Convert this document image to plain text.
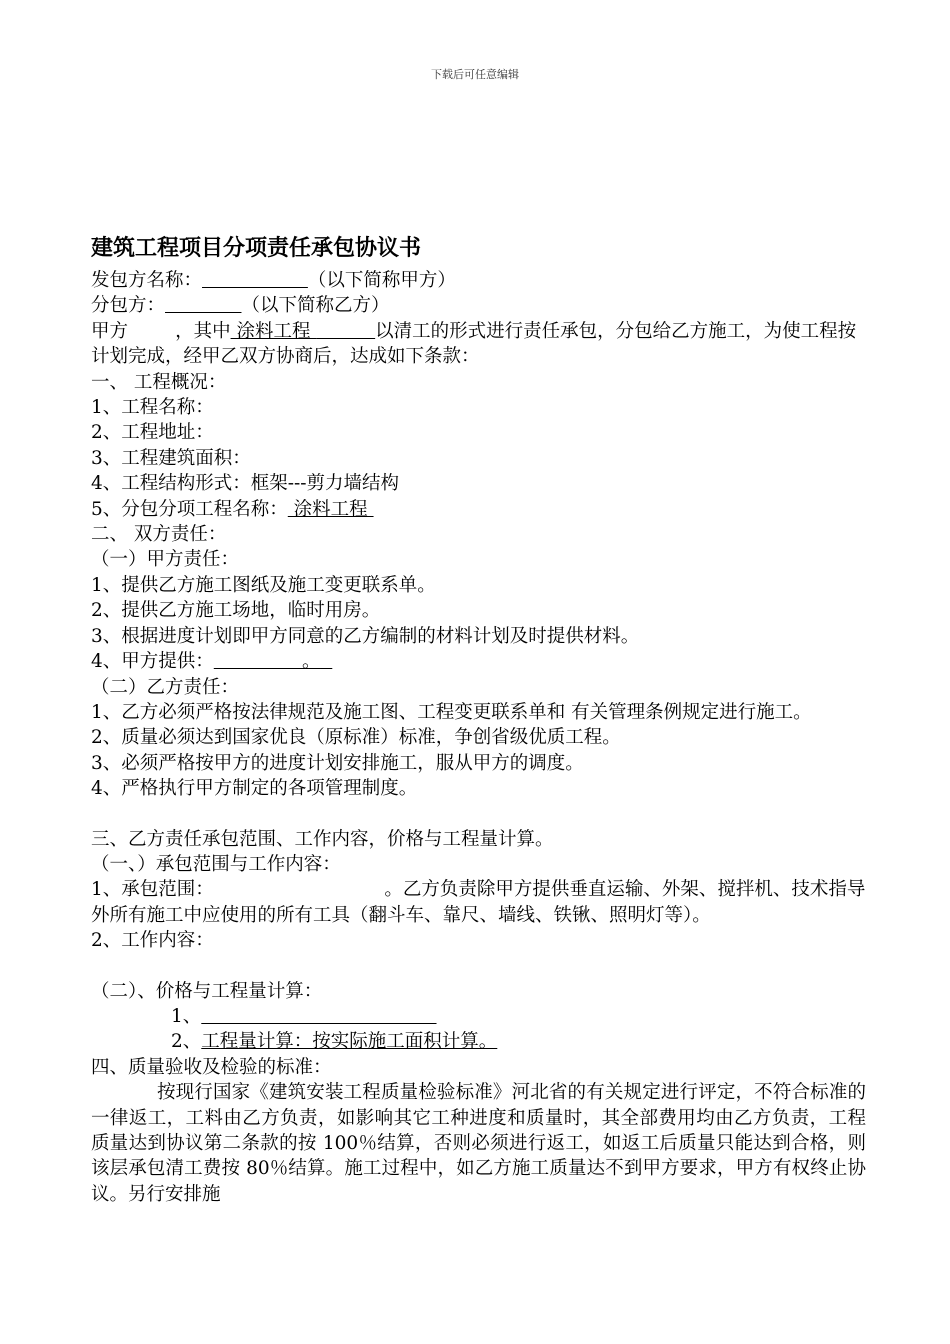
下载后可任意编辑
建筑工程项目分项责任承包协议书
发包方名称：	（以下简称甲方）
分包方：	（以下简称乙方）
甲方	，其中 涂料工程	以清工的形式进行责任承包，分包给乙方施工，为使工程按计划完成，经甲乙双方协商后，达成如下条款：
一、 工程概况：
1、工程名称：
2、工程地址：
3、工程建筑面积：
4、工程结构形式：框架---剪力墙结构
5、分包分项工程名称： 涂料工程
二、 双方责任：
（一）甲方责任：
1、提供乙方施工图纸及施工变更联系单。
2、提供乙方施工场地，临时用房。
3、根据进度计划即甲方同意的乙方编制的材料计划及时提供材料。
4、甲方提供：	。
（二）乙方责任：
1、乙方必须严格按法律规范及施工图、工程变更联系单和 有关管理条例规定进行施工。
2、质量必须达到国家优良（原标准）标准，争创省级优质工程。
3、必须严格按甲方的进度计划安排施工，服从甲方的调度。
4、严格执行甲方制定的各项管理制度。
三、乙方责任承包范围、工作内容，价格与工程量计算。
（一、）承包范围与工作内容：
1、承包范围：	。乙方负责除甲方提供垂直运输、外架、搅拌机、技术指导外所有施工中应使用的所有工具（翻斗车、靠尺、墙线、铁锹、照明灯等）。
2、工作内容：
（二）、价格与工程量计算：
1、
2、工程量计算：按实际施工面积计算。
四、质量验收及检验的标准：
按现行国家《建筑安装工程质量检验标准》河北省的有关规定进行评定，不符合标准的一律返工，工料由乙方负责，如影响其它工种进度和质量时，其全部费用均由乙方负责，工程质量达到协议第二条款的按 100％结算，否则必须进行返工，如返工后质量只能达到合格，则该层承包清工费按 80％结算。施工过程中，如乙方施工质量达不到甲方要求，甲方有权终止协议。另行安排施
